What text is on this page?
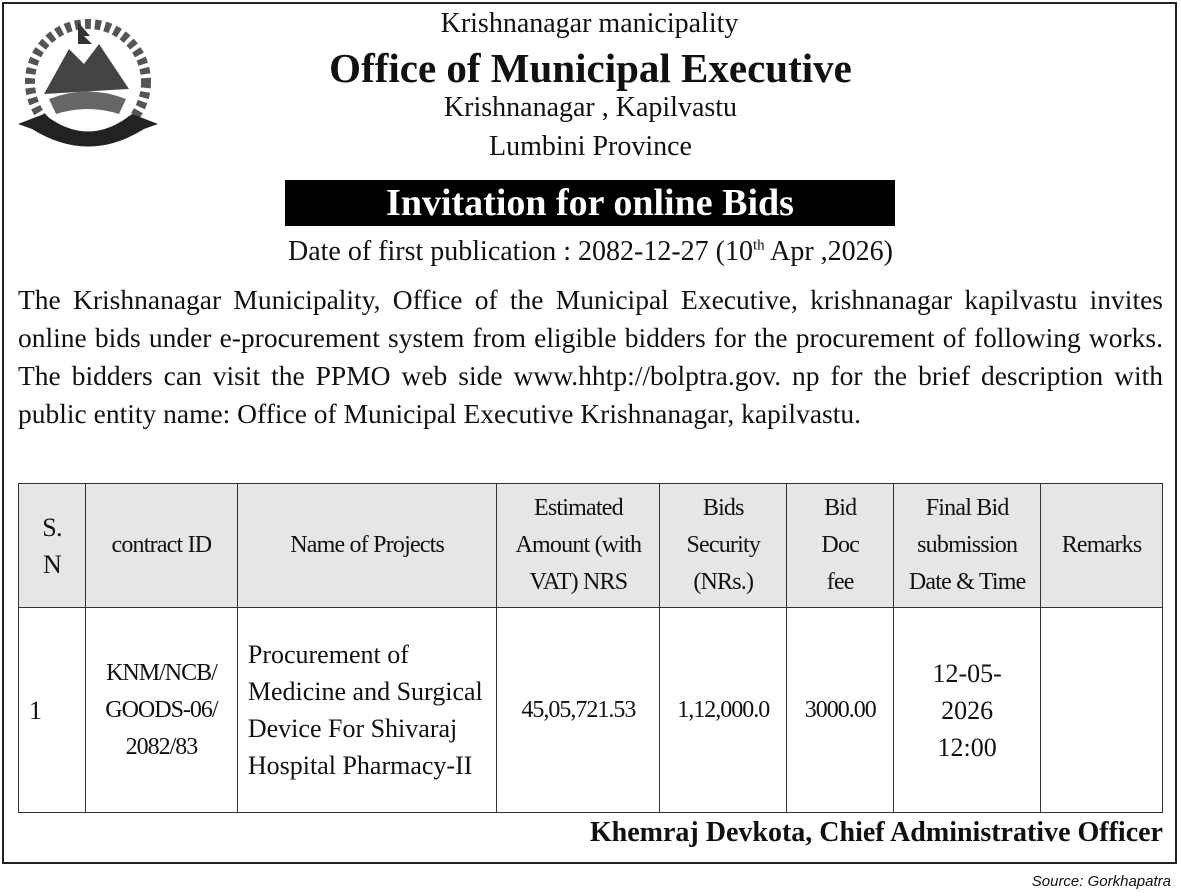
Krishnanagar manicipality
Office of Municipal Executive
Krishnanagar , Kapilvastu
Lumbini Province
Invitation for online Bids
Date of first publication : 2082-12-27 (10th Apr ,2026)
The Krishnanagar Municipality, Office of the Municipal Executive, krishnanagar kapilvastu invites online bids under e-procurement system from eligible bidders for the procurement of following works. The bidders can visit the PPMO web side www.hhtp://bolptra.gov. np for the brief description with public entity name: Office of Municipal Executive Krishnanagar, kapilvastu.
S. N	contract ID	Name of Projects	Estimated Amount (with VAT) NRS	Bids Security (NRs.)	Bid Doc fee	Final Bid submission Date & Time	Remarks
1	KNM/NCB/ GOODS-06/ 2082/83	Procurement of Medicine and Surgical Device For Shivaraj Hospital Pharmacy-II	45,05,721.53	1,12,000.0	3000.00	12-05- 2026 12:00	
Khemraj Devkota, Chief Administrative Officer
Source: Gorkhapatra
